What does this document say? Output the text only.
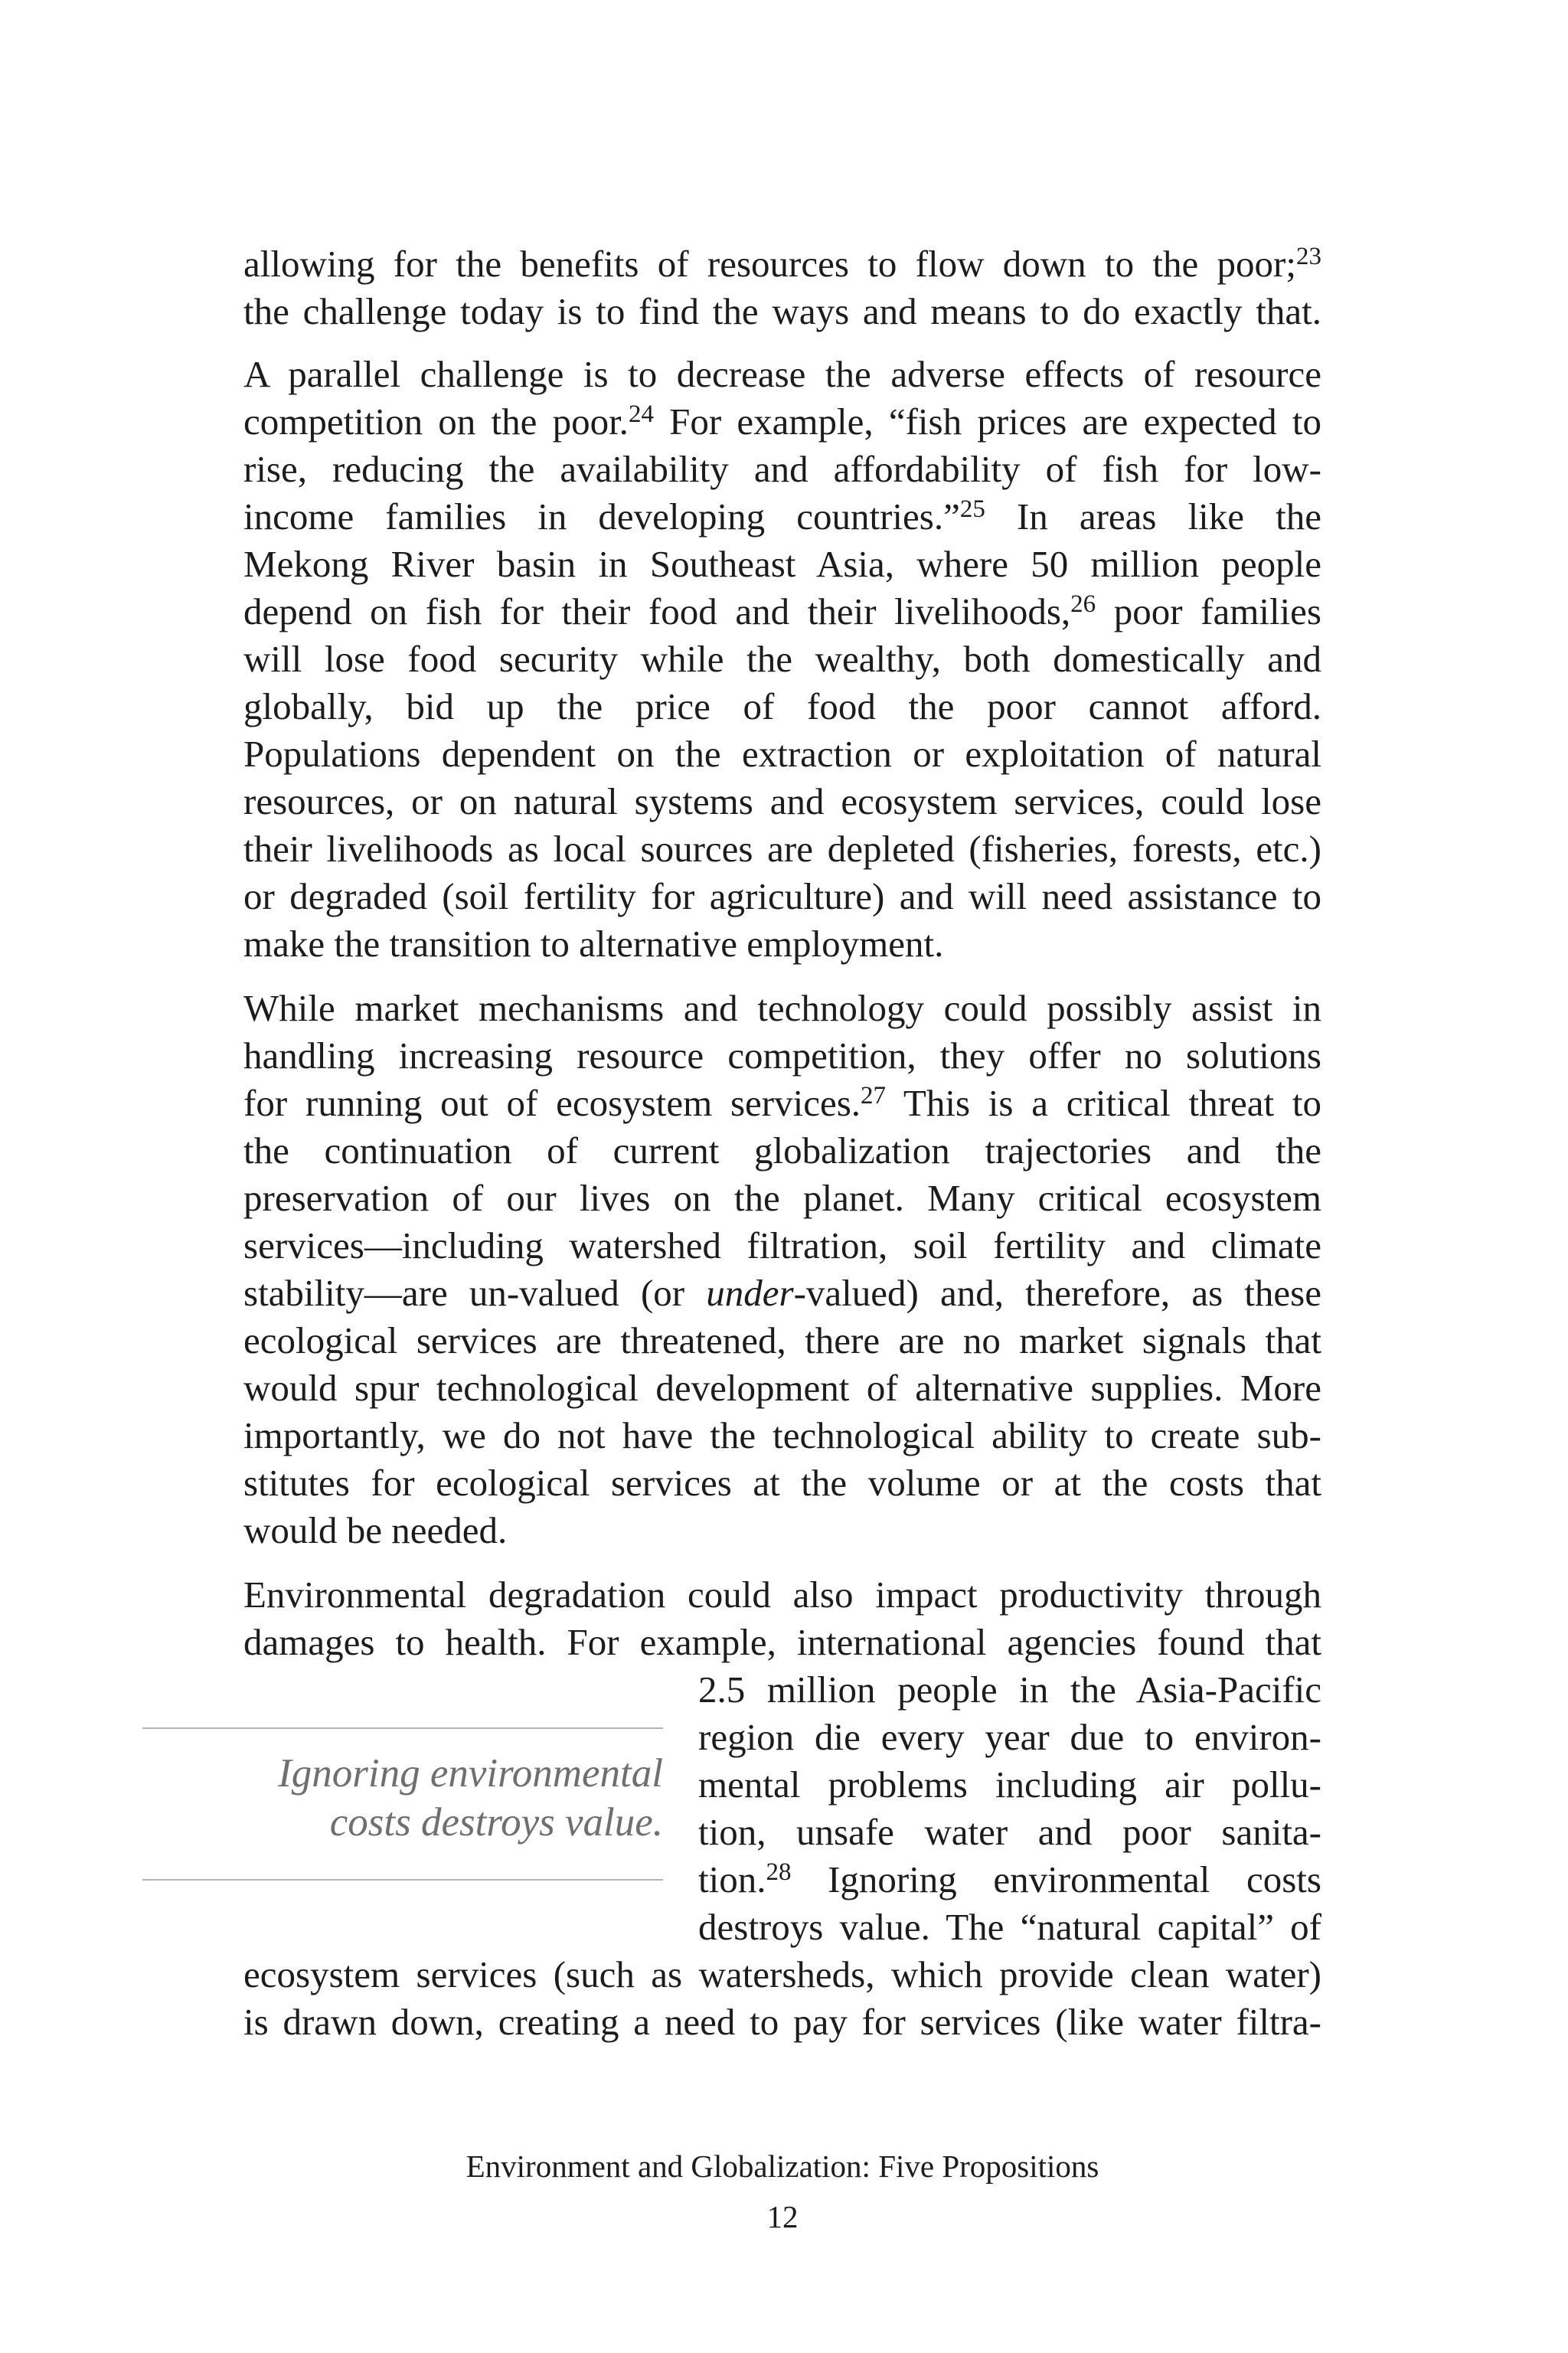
allowing for the benefits of resources to flow down to the poor;$^{23}$
the challenge today is to find the ways and means to do exactly that.
A parallel challenge is to decrease the adverse effects of resource
competition on the poor.$^{24}$ For example, “fish prices are expected to
rise, reducing the availability and affordability of fish for low-
income families in developing countries.”$^{25}$ In areas like the
Mekong River basin in Southeast Asia, where 50 million people
depend on fish for their food and their livelihoods,$^{26}$ poor families
will lose food security while the wealthy, both domestically and
globally, bid up the price of food the poor cannot afford.
Populations dependent on the extraction or exploitation of natural
resources, or on natural systems and ecosystem services, could lose
their livelihoods as local sources are depleted (fisheries, forests, etc.)
or degraded (soil fertility for agriculture) and will need assistance to
make the transition to alternative employment.
While market mechanisms and technology could possibly assist in
handling increasing resource competition, they offer no solutions
for running out of ecosystem services.$^{27}$ This is a critical threat to
the continuation of current globalization trajectories and the
preservation of our lives on the planet. Many critical ecosystem
services—including watershed filtration, soil fertility and climate
stability—are un-valued (or under-valued) and, therefore, as these
ecological services are threatened, there are no market signals that
would spur technological development of alternative supplies. More
importantly, we do not have the technological ability to create sub-
stitutes for ecological services at the volume or at the costs that
would be needed.
Environmental degradation could also impact productivity through
damages to health. For example, international agencies found that
2.5 million people in the Asia-Pacific
region die every year due to environ-
mental problems including air pollu-
tion, unsafe water and poor sanita-
tion.$^{28}$ Ignoring environmental costs
destroys value. The “natural capital” of
ecosystem services (such as watersheds, which provide clean water)
is drawn down, creating a need to pay for services (like water filtra-
Ignoring environmental
costs destroys value.
Environment and Globalization: Five Propositions
12
